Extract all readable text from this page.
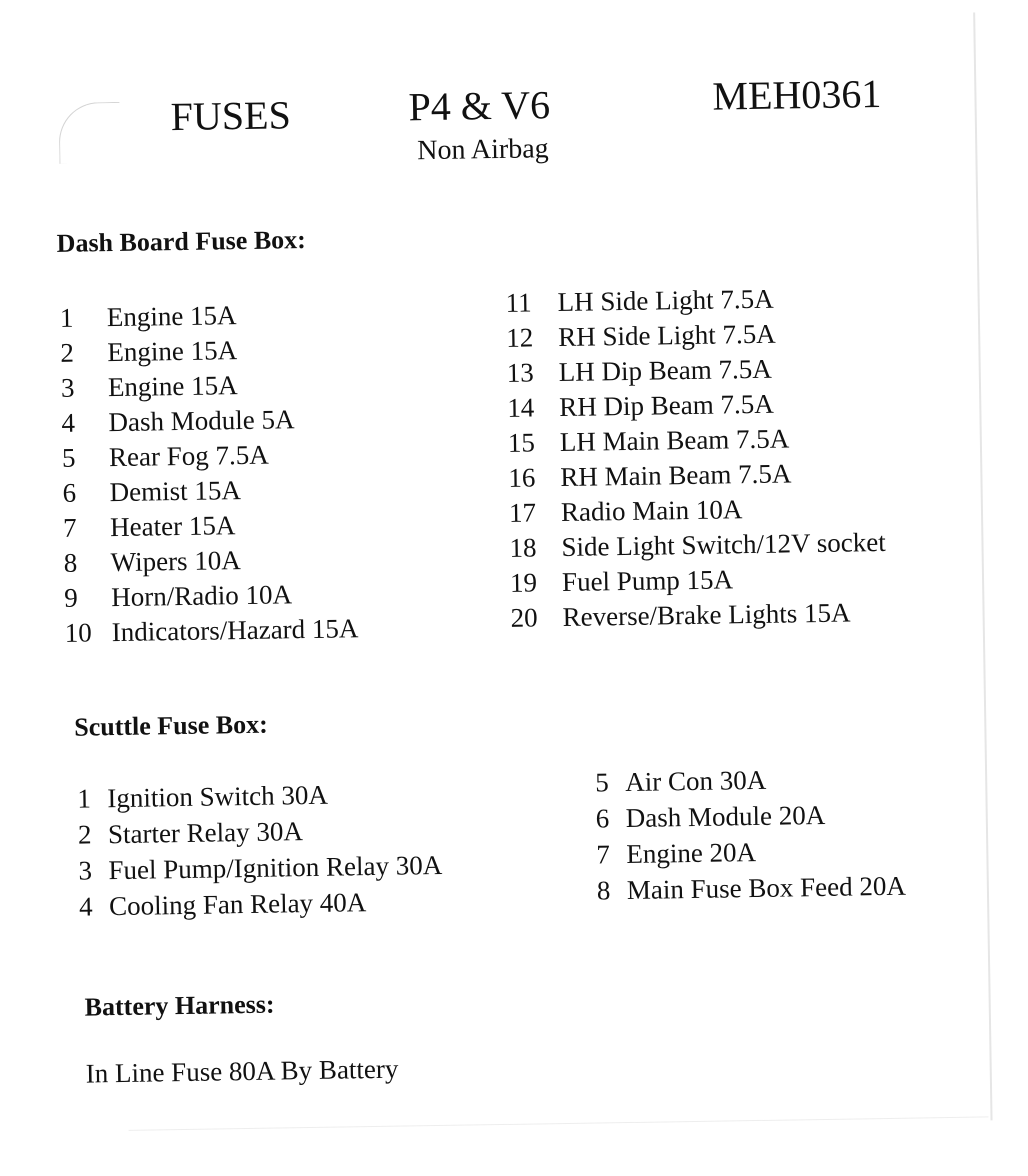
FUSES	P4 & V6	MEH0361
Non Airbag
Dash Board Fuse Box:
1 Engine 15A
2 Engine 15A
3 Engine 15A
4 Dash Module 5A
5 Rear Fog 7.5A
6 Demist 15A
7 Heater 15A
8 Wipers 10A
9 Horn/Radio 10A
10 Indicators/Hazard 15A
11 LH Side Light 7.5A
12 RH Side Light 7.5A
13 LH Dip Beam 7.5A
14 RH Dip Beam 7.5A
15 LH Main Beam 7.5A
16 RH Main Beam 7.5A
17 Radio Main 10A
18 Side Light Switch/12V socket
19 Fuel Pump 15A
20 Reverse/Brake Lights 15A
Scuttle Fuse Box:
1 Ignition Switch 30A
2 Starter Relay 30A
3 Fuel Pump/Ignition Relay 30A
4 Cooling Fan Relay 40A
5 Air Con 30A
6 Dash Module 20A
7 Engine 20A
8 Main Fuse Box Feed 20A
Battery Harness:
In Line Fuse 80A By Battery
